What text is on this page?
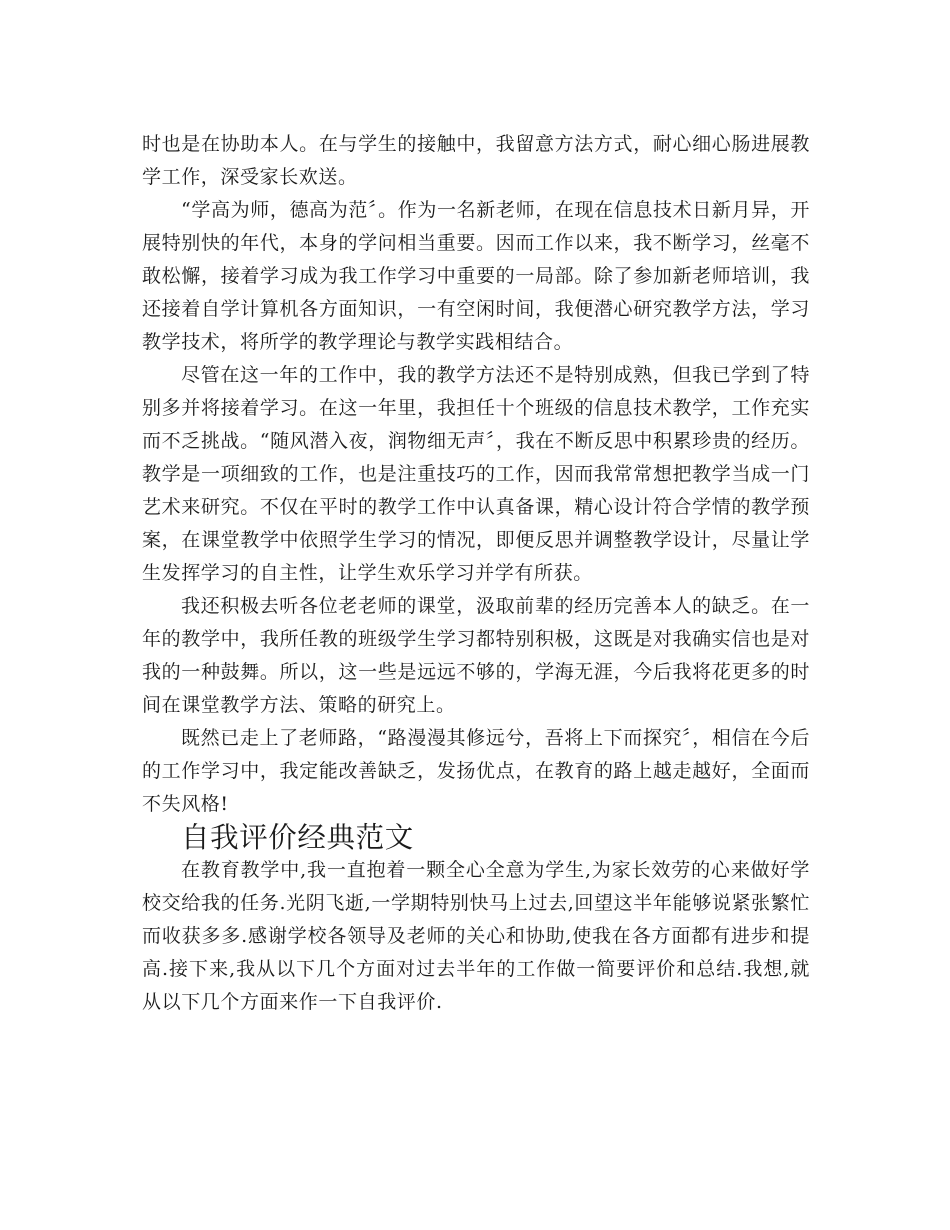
时也是在协助本人。在与学生的接触中，我留意方法方式，耐心细心肠进展教学工作，深受家长欢送。

“学高为师，德高为范〞。作为一名新老师，在现在信息技术日新月异，开展特别快的年代，本身的学问相当重要。因而工作以来，我不断学习，丝毫不敢松懈，接着学习成为我工作学习中重要的一局部。除了参加新老师培训，我还接着自学计算机各方面知识，一有空闲时间，我便潜心研究教学方法，学习教学技术，将所学的教学理论与教学实践相结合。

尽管在这一年的工作中，我的教学方法还不是特别成熟，但我已学到了特别多并将接着学习。在这一年里，我担任十个班级的信息技术教学，工作充实而不乏挑战。“随风潜入夜，润物细无声〞，我在不断反思中积累珍贵的经历。教学是一项细致的工作，也是注重技巧的工作，因而我常常想把教学当成一门艺术来研究。不仅在平时的教学工作中认真备课，精心设计符合学情的教学预案，在课堂教学中依照学生学习的情况，即便反思并调整教学设计，尽量让学生发挥学习的自主性，让学生欢乐学习并学有所获。

我还积极去听各位老老师的课堂，汲取前辈的经历完善本人的缺乏。在一年的教学中，我所任教的班级学生学习都特别积极，这既是对我确实信也是对我的一种鼓舞。所以，这一些是远远不够的，学海无涯，今后我将花更多的时间在课堂教学方法、策略的研究上。

既然已走上了老师路，“路漫漫其修远兮，吾将上下而探究〞，相信在今后的工作学习中，我定能改善缺乏，发扬优点，在教育的路上越走越好，全面而不失风格!

自我评价经典范文

在教育教学中,我一直抱着一颗全心全意为学生,为家长效劳的心来做好学校交给我的任务.光阴飞逝,一学期特别快马上过去,回望这半年能够说紧张繁忙而收获多多.感谢学校各领导及老师的关心和协助,使我在各方面都有进步和提高.接下来,我从以下几个方面对过去半年的工作做一简要评价和总结.我想,就从以下几个方面来作一下自我评价.
